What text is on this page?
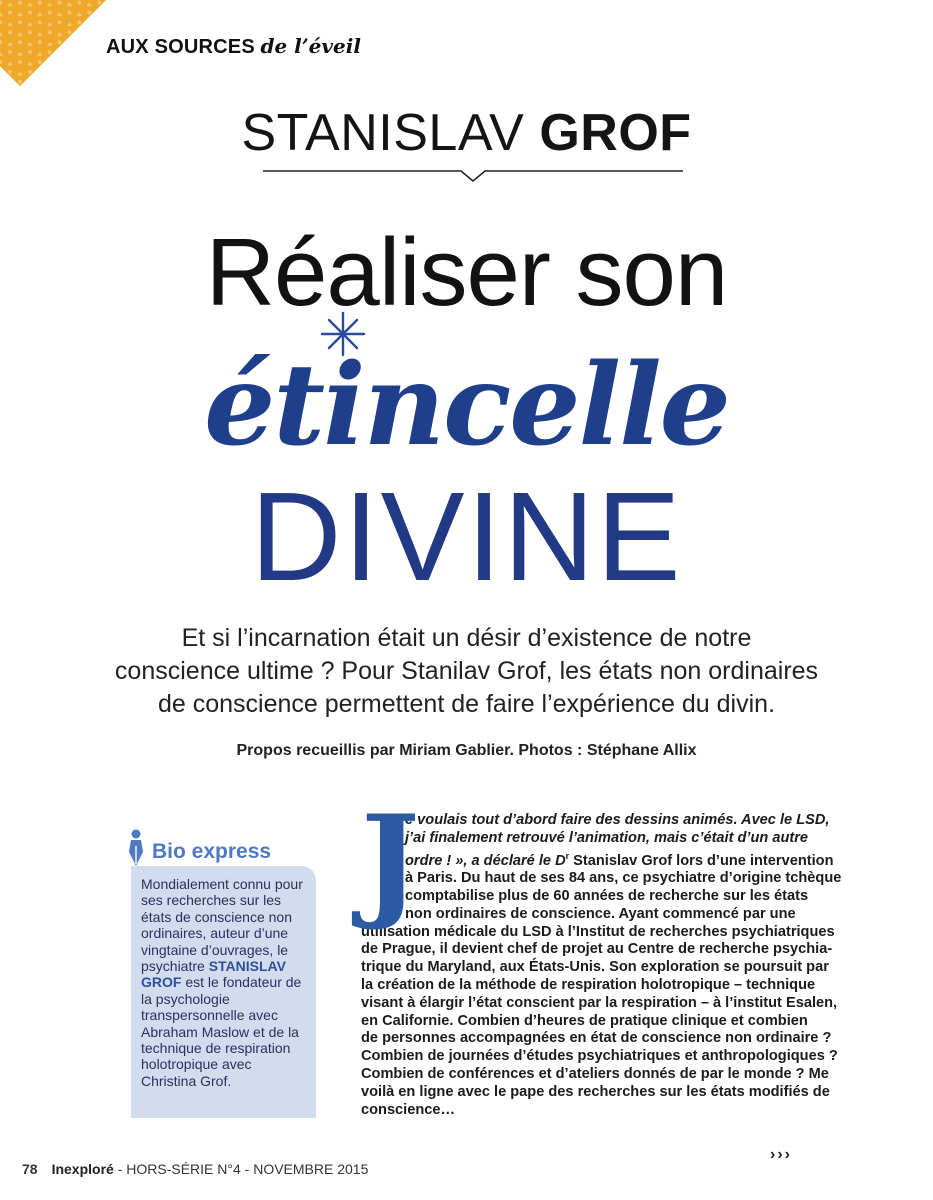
AUX SOURCES de l’éveil
STANISLAV GROF
Réaliser son
étincelle
DIVINE
Et si l’incarnation était un désir d’existence de notre
conscience ultime ? Pour Stanilav Grof, les états non ordinaires
de conscience permettent de faire l’expérience du divin.
Propos recueillis par Miriam Gablier. Photos : Stéphane Allix
Bio express
Mondialement connu pour ses recherches sur les états de conscience non ordinaires, auteur d’une vingtaine d’ouvrages, le psychiatre STANISLAV GROF est le fondateur de la psychologie transpersonnelle avec Abraham Maslow et de la technique de respiration holotropique avec Christina Grof.
J
e voulais tout d’abord faire des dessins animés. Avec le LSD,
j’ai finalement retrouvé l’animation, mais c’était d’un autre
ordre ! », a déclaré le $D^r$ Stanislav Grof lors d’une intervention
à Paris. Du haut de ses 84 ans, ce psychiatre d’origine tchèque
comptabilise plus de 60 années de recherche sur les états
non ordinaires de conscience. Ayant commencé par une
utilisation médicale du LSD à l’Institut de recherches psychiatriques
de Prague, il devient chef de projet au Centre de recherche psychia-
trique du Maryland, aux États-Unis. Son exploration se poursuit par
la création de la méthode de respiration holotropique – technique
visant à élargir l’état conscient par la respiration – à l’institut Esalen,
en Californie. Combien d’heures de pratique clinique et combien
de personnes accompagnées en état de conscience non ordinaire ?
Combien de journées d’études psychiatriques et anthropologiques ?
Combien de conférences et d’ateliers donnés de par le monde ? Me
voilà en ligne avec le pape des recherches sur les états modifiés de
conscience…
78 Inexploré - HORS-SÉRIE N°4 - NOVEMBRE 2015
›››
